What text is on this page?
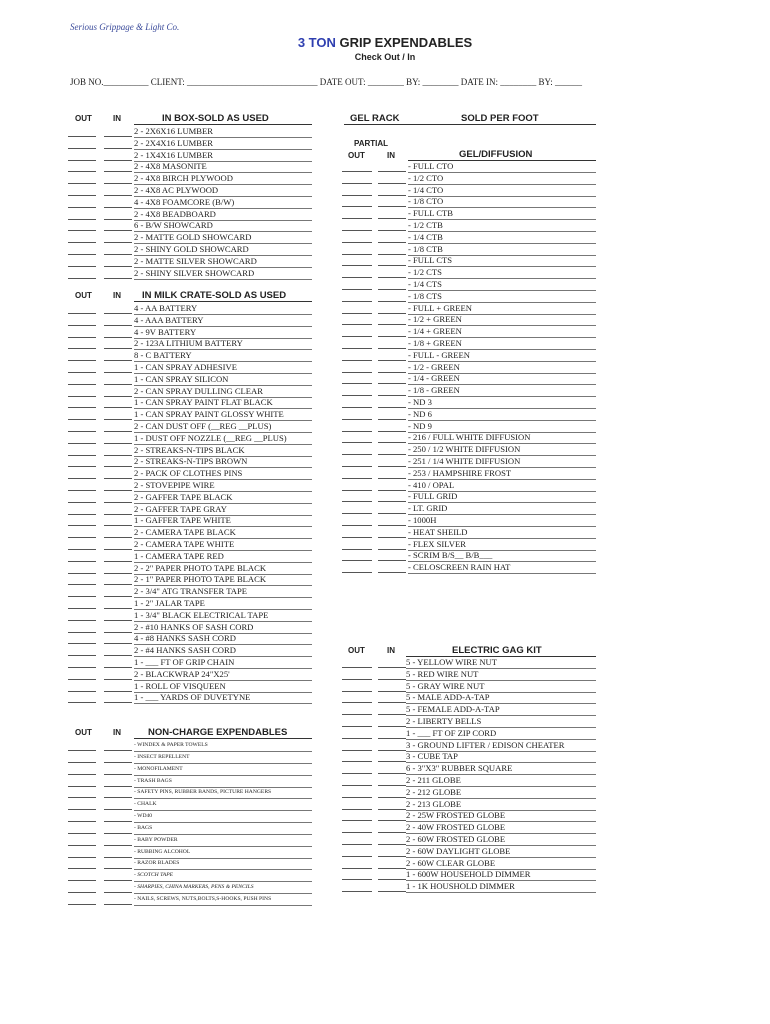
Serious Grippage & Light Co.
3 TON GRIP EXPENDABLES
Check Out / In
JOB NO.__________ CLIENT: _____________________________ DATE OUT: ________ BY: ________ DATE IN: ________ BY: ______
OUT	IN	IN BOX-SOLD AS USED
2 - 2X6X16 LUMBER
2 - 2X4X16 LUMBER
2 - 1X4X16 LUMBER
2 - 4X8 MASONITE
2 - 4X8 BIRCH PLYWOOD
2 - 4X8 AC PLYWOOD
4 - 4X8 FOAMCORE (B/W)
2 - 4X8 BEADBOARD
6 - B/W SHOWCARD
2 - MATTE GOLD SHOWCARD
2 - SHINY GOLD SHOWCARD
2 - MATTE SILVER SHOWCARD
2 - SHINY SILVER SHOWCARD
OUT	IN IN MILK CRATE-SOLD AS USED
4 - AA BATTERY
4 - AAA BATTERY
4 - 9V BATTERY
2 - 123A LITHIUM BATTERY
8 - C BATTERY
1 - CAN SPRAY ADHESIVE
1 - CAN SPRAY SILICON
2 - CAN SPRAY DULLING CLEAR
1 - CAN SPRAY PAINT FLAT BLACK
1 - CAN SPRAY PAINT GLOSSY WHITE
2 - CAN DUST OFF (__REG __PLUS)
1 - DUST OFF NOZZLE (__REG __PLUS)
2 - STREAKS-N-TIPS BLACK
2 - STREAKS-N-TIPS BROWN
2 - PACK OF CLOTHES PINS
2 - STOVEPIPE WIRE
2 - GAFFER TAPE BLACK
2 - GAFFER TAPE GRAY
1 - GAFFER TAPE WHITE
2 - CAMERA TAPE BLACK
2 - CAMERA TAPE WHITE
1 - CAMERA TAPE RED
2 - 2" PAPER PHOTO TAPE BLACK
2 - 1" PAPER PHOTO TAPE BLACK
2 - 3/4" ATG TRANSFER TAPE
1 - 2" JALAR TAPE
1 - 3/4" BLACK ELECTRICAL TAPE
2 - #10 HANKS OF SASH CORD
4 - #8 HANKS SASH CORD
2 - #4 HANKS SASH CORD
1 - ___ FT OF GRIP CHAIN
2 - BLACKWRAP 24"X25'
1 - ROLL OF VISQUEEN
1 - ___ YARDS OF DUVETYNE
OUT	IN	NON-CHARGE EXPENDABLES
- WINDEX & PAPER TOWELS
- INSECT REPELLENT
- MONOFILAMENT
- TRASH BAGS
- SAFETY PINS, RUBBER BANDS, PICTURE HANGERS
- CHALK
- WD40
- BAGS
- BABY POWDER
- RUBBING ALCOHOL
- RAZOR BLADES
- SCOTCH TAPE
- SHARPIES, CHINA MARKERS, PENS & PENCILS
- NAILS, SCREWS, NUTS,BOLTS,S-HOOKS, PUSH PINS
GEL RACK	SOLD PER FOOT
PARTIAL
OUT	IN	GEL/DIFFUSION
- FULL CTO
- 1/2 CTO
- 1/4 CTO
- 1/8 CTO
- FULL CTB
- 1/2 CTB
- 1/4 CTB
- 1/8 CTB
- FULL CTS
- 1/2 CTS
- 1/4 CTS
- 1/8 CTS
- FULL + GREEN
- 1/2 + GREEN
- 1/4 + GREEN
- 1/8 + GREEN
- FULL - GREEN
- 1/2 - GREEN
- 1/4 - GREEN
- 1/8 - GREEN
- ND 3
- ND 6
- ND 9
- 216 / FULL WHITE DIFFUSION
- 250 / 1/2 WHITE DIFFUSION
- 251 / 1/4 WHITE DIFFUSION
- 253 / HAMPSHIRE FROST
- 410 / OPAL
- FULL GRID
- LT. GRID
- 1000H
- HEAT SHEILD
- FLEX SILVER
- SCRIM B/S__ B/B___
- CELOSCREEN RAIN HAT
OUT	IN	ELECTRIC GAG KIT
5 - YELLOW WIRE NUT
5 - RED WIRE NUT
5 - GRAY WIRE NUT
5 - MALE ADD-A-TAP
5 - FEMALE ADD-A-TAP
2 - LIBERTY BELLS
1 - ___ FT OF ZIP CORD
3 - GROUND LIFTER / EDISON CHEATER
3 - CUBE TAP
6 - 3"X3" RUBBER SQUARE
2 - 211 GLOBE
2 - 212 GLOBE
2 - 213 GLOBE
2 - 25W FROSTED GLOBE
2 - 40W FROSTED GLOBE
2 - 60W FROSTED GLOBE
2 - 60W DAYLIGHT GLOBE
2 - 60W CLEAR GLOBE
1 - 600W HOUSEHOLD DIMMER
1 - 1K HOUSHOLD DIMMER
